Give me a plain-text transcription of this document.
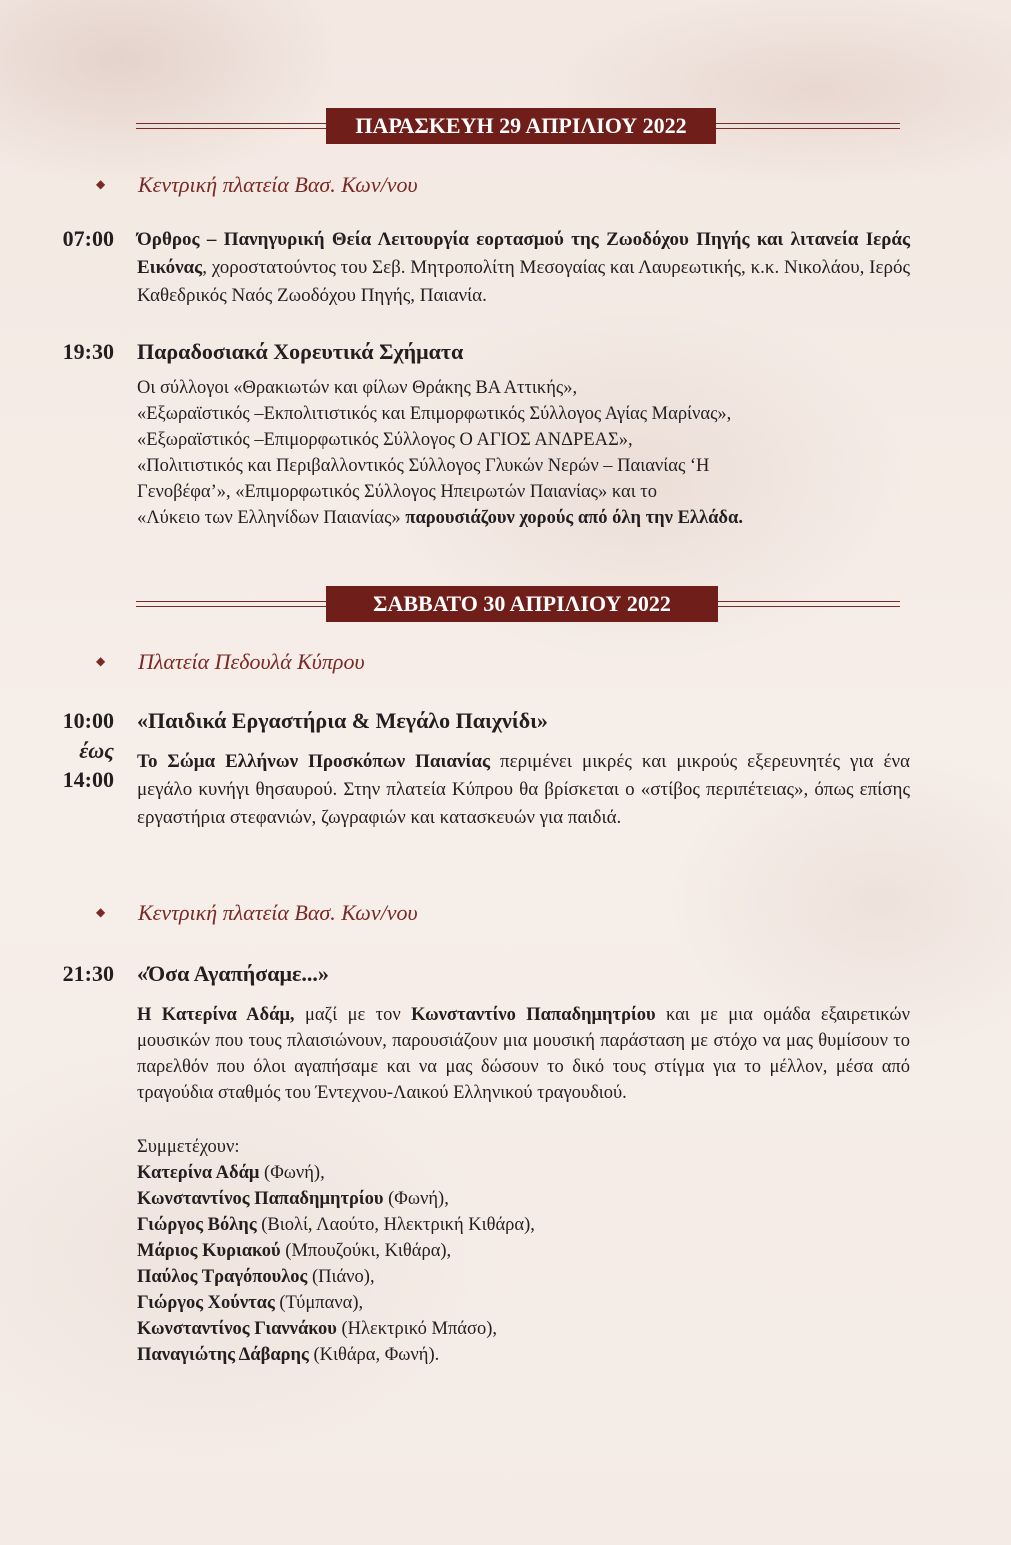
ΠΑΡΑΣΚΕΥΗ 29 ΑΠΡΙΛΙΟΥ 2022
◆ Κεντρική πλατεία Βασ. Κων/νου
07:00 Όρθρος – Πανηγυρική Θεία Λειτουργία εορτασμού της Ζωοδόχου Πηγής και λιτανεία Ιεράς Εικόνας, χοροστατούντος του Σεβ. Μητροπολίτη Μεσογαίας και Λαυρεωτικής, κ.κ. Νικολάου, Ιερός Καθεδρικός Ναός Ζωοδόχου Πηγής, Παιανία.
19:30 Παραδοσιακά Χορευτικά Σχήματα
Οι σύλλογοι «Θρακιωτών και φίλων Θράκης ΒΑ Αττικής»,
«Εξωραϊστικός –Εκπολιτιστικός και Επιμορφωτικός Σύλλογος Αγίας Μαρίνας»,
«Εξωραϊστικός –Επιμορφωτικός Σύλλογος Ο ΑΓΙΟΣ ΑΝΔΡΕΑΣ»,
«Πολιτιστικός και Περιβαλλοντικός Σύλλογος Γλυκών Νερών – Παιανίας ‘Η
Γενοβέφα’», «Επιμορφωτικός Σύλλογος Ηπειρωτών Παιανίας» και το
«Λύκειο των Ελληνίδων Παιανίας» παρουσιάζουν χορούς από όλη την Ελλάδα.
ΣΑΒΒΑΤΟ 30 ΑΠΡΙΛΙΟΥ 2022
◆ Πλατεία Πεδουλά Κύπρου
10:00
έως
14:00
«Παιδικά Εργαστήρια & Μεγάλο Παιχνίδι»
Το Σώμα Ελλήνων Προσκόπων Παιανίας περιμένει μικρές και μικρούς εξερευνητές για ένα μεγάλο κυνήγι θησαυρού. Στην πλατεία Κύπρου θα βρίσκεται ο «στίβος περιπέτειας», όπως επίσης εργαστήρια στεφανιών, ζωγραφιών και κατασκευών για παιδιά.
◆ Κεντρική πλατεία Βασ. Κων/νου
21:30 «Όσα Αγαπήσαμε...»
Η Κατερίνα Αδάμ, μαζί με τον Κωνσταντίνο Παπαδημητρίου και με μια ομάδα εξαιρετικών μουσικών που τους πλαισιώνουν, παρουσιάζουν μια μουσική παράσταση με στόχο να μας θυμίσουν το παρελθόν που όλοι αγαπήσαμε και να μας δώσουν το δικό τους στίγμα για το μέλλον, μέσα από τραγούδια σταθμός του Έντεχνου-Λαικού Ελληνικού τραγουδιού.
Συμμετέχουν:
Κατερίνα Αδάμ (Φωνή),
Κωνσταντίνος Παπαδημητρίου (Φωνή),
Γιώργος Βόλης (Βιολί, Λαούτο, Ηλεκτρική Κιθάρα),
Μάριος Κυριακού (Μπουζούκι, Κιθάρα),
Παύλος Τραγόπουλος (Πιάνο),
Γιώργος Χούντας (Τύμπανα),
Κωνσταντίνος Γιαννάκου (Ηλεκτρικό Μπάσο),
Παναγιώτης Δάβαρης (Κιθάρα, Φωνή).
